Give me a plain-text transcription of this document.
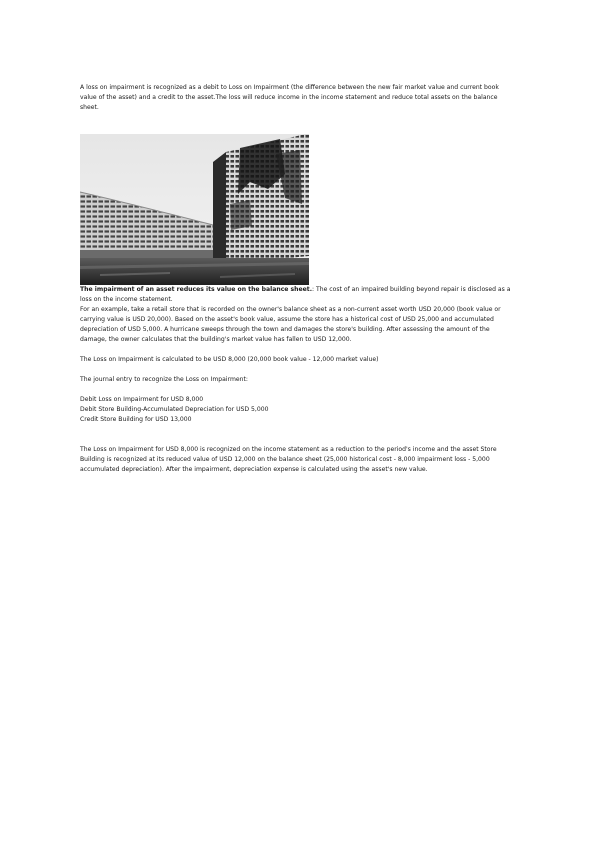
A loss on impairment is recognized as a debit to Loss on Impairment (the difference between the new fair market value and current book value of the asset) and a credit to the asset.The loss will reduce income in the income statement and reduce total assets on the balance sheet.

The impairment of an asset reduces its value on the balance sheet.: The cost of an impaired building beyond repair is disclosed as a loss on the income statement.

For an example, take a retail store that is recorded on the owner's balance sheet as a non-current asset worth USD 20,000 (book value or carrying value is USD 20,000). Based on the asset's book value, assume the store has a historical cost of USD 25,000 and accumulated depreciation of USD 5,000. A hurricane sweeps through the town and damages the store's building. After assessing the amount of the damage, the owner calculates that the building's market value has fallen to USD 12,000.

The Loss on Impairment is calculated to be USD 8,000 (20,000 book value - 12,000 market value)

The journal entry to recognize the Loss on Impairment:

Debit Loss on Impairment for USD 8,000

Debit Store Building-Accumulated Depreciation for USD 5,000

Credit Store Building for USD 13,000

The Loss on Impairment for USD 8,000 is recognized on the income statement as a reduction to the period's income and the asset Store Building is recognized at its reduced value of USD 12,000 on the balance sheet (25,000 historical cost - 8,000 impairment loss - 5,000 accumulated depreciation). After the impairment, depreciation expense is calculated using the asset's new value.
